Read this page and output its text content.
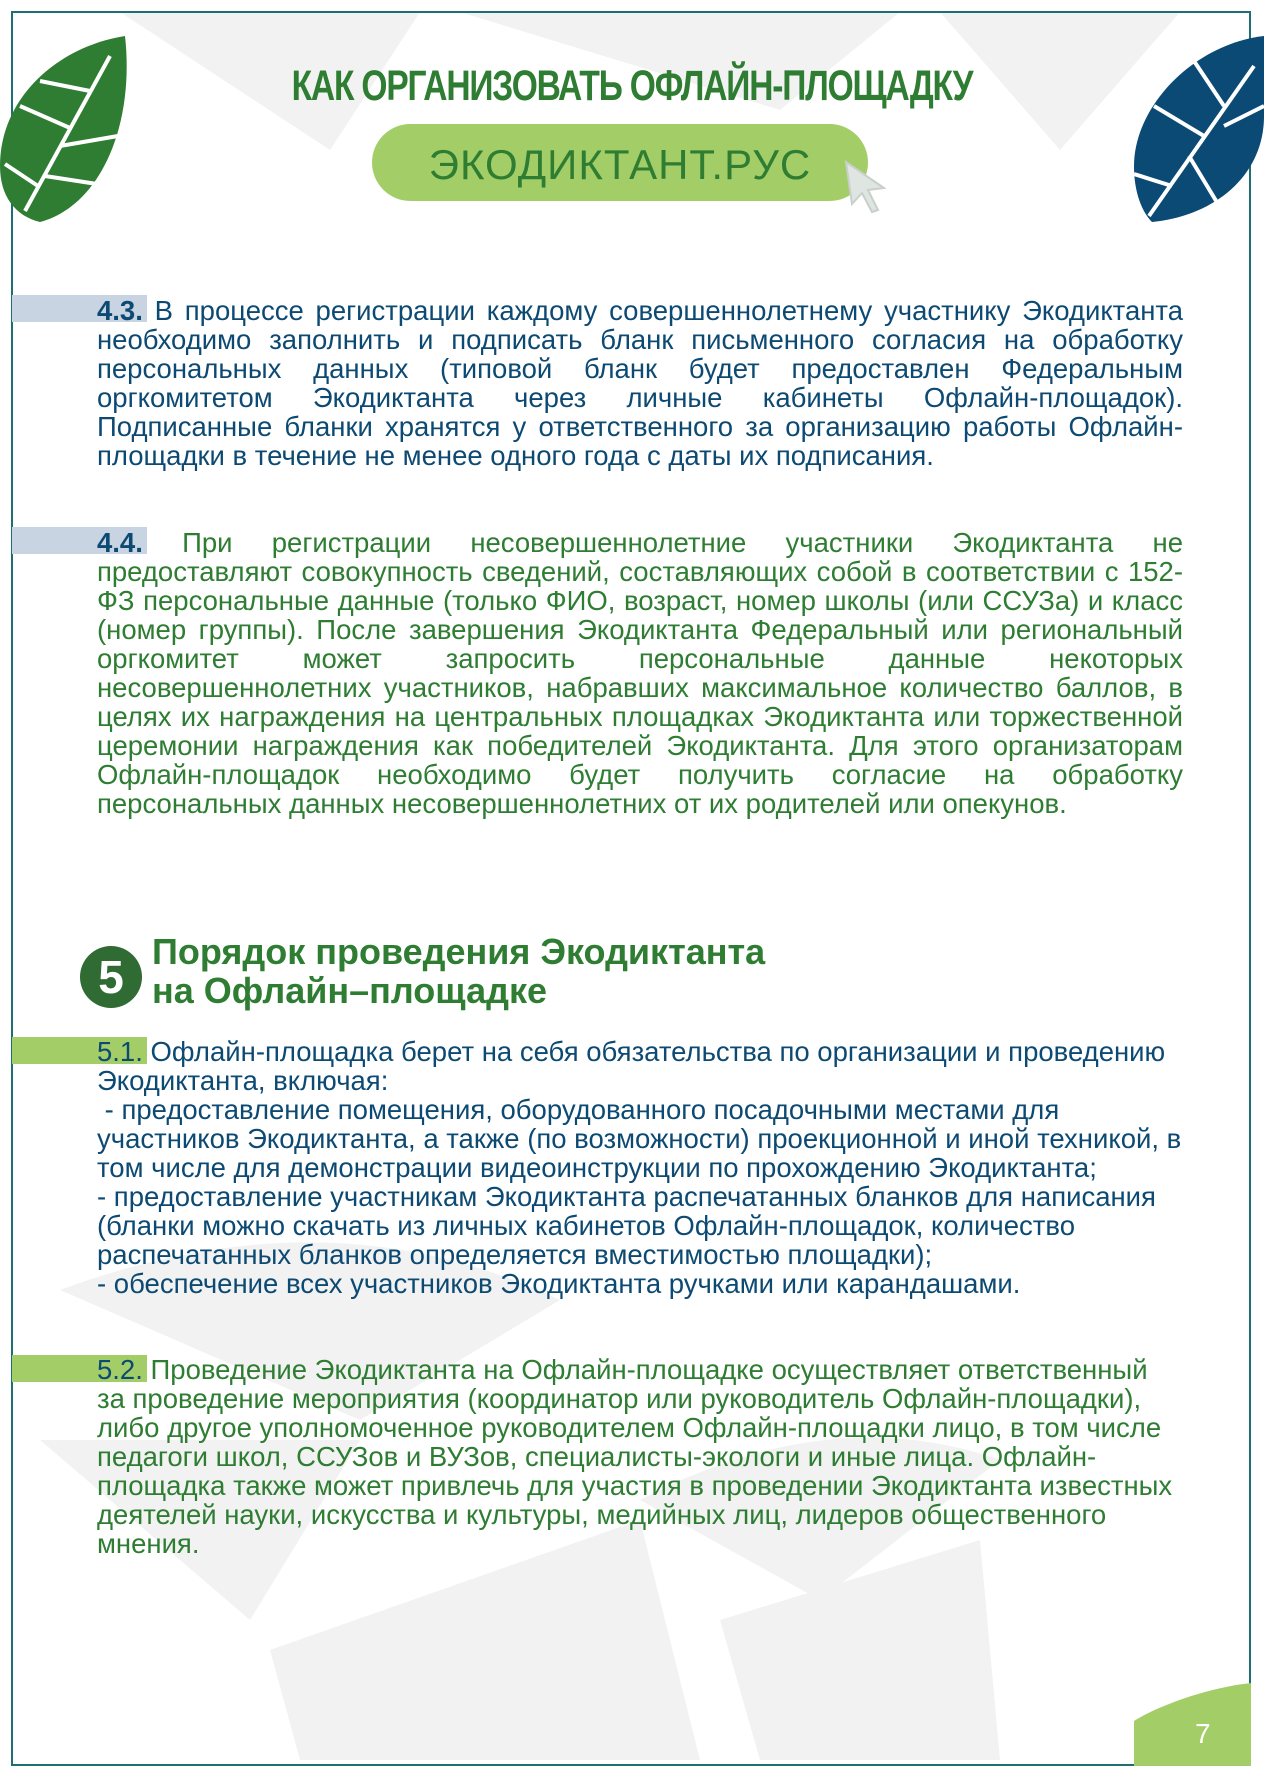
КАК ОРГАНИЗОВАТЬ ОФЛАЙН-ПЛОЩАДКУ
ЭКОДИКТАНТ.РУС

4.3. В процессе регистрации каждому совершеннолетнему участнику Экодиктанта необходимо заполнить и подписать бланк письменного согласия на обработку персональных данных (типовой бланк будет предоставлен Федеральным оргкомитетом Экодиктанта через личные кабинеты Офлайн-площадок). Подписанные бланки хранятся у ответственного за организацию работы Офлайн-площадки в течение не менее одного года с даты их подписания.

4.4. При регистрации несовершеннолетние участники Экодиктанта не предоставляют совокупность сведений, составляющих собой в соответствии с 152-ФЗ персональные данные (только ФИО, возраст, номер школы (или ССУЗа) и класс (номер группы). После завершения Экодиктанта Федеральный или региональный оргкомитет может запросить персональные данные некоторых несовершеннолетних участников, набравших максимальное количество баллов, в целях их награждения на центральных площадках Экодиктанта или торжественной церемонии награждения как победителей Экодиктанта. Для этого организаторам Офлайн-площадок необходимо будет получить согласие на обработку персональных данных несовершеннолетних от их родителей или опекунов.

5 Порядок проведения Экодиктанта
на Офлайн–площадке
5.1. Офлайн-площадка берет на себя обязательства по организации и проведению Экодиктанта, включая:
- предоставление помещения, оборудованного посадочными местами для участников Экодиктанта, а также (по возможности) проекционной и иной техникой, в том числе для демонстрации видеоинструкции по прохождению Экодиктанта;
- предоставление участникам Экодиктанта распечатанных бланков для написания (бланки можно скачать из личных кабинетов Офлайн-площадок, количество распечатанных бланков определяется вместимостью площадки);
- обеспечение всех участников Экодиктанта ручками или карандашами.
5.2. Проведение Экодиктанта на Офлайн-площадке осуществляет ответственный за проведение мероприятия (координатор или руководитель Офлайн-площадки), либо другое уполномоченное руководителем Офлайн-площадки лицо, в том числе педагоги школ, ССУЗов и ВУЗов, специалисты-экологи и иные лица. Офлайн-площадка также может привлечь для участия в проведении Экодиктанта известных деятелей науки, искусства и культуры, медийных лиц, лидеров общественного мнения.
7
